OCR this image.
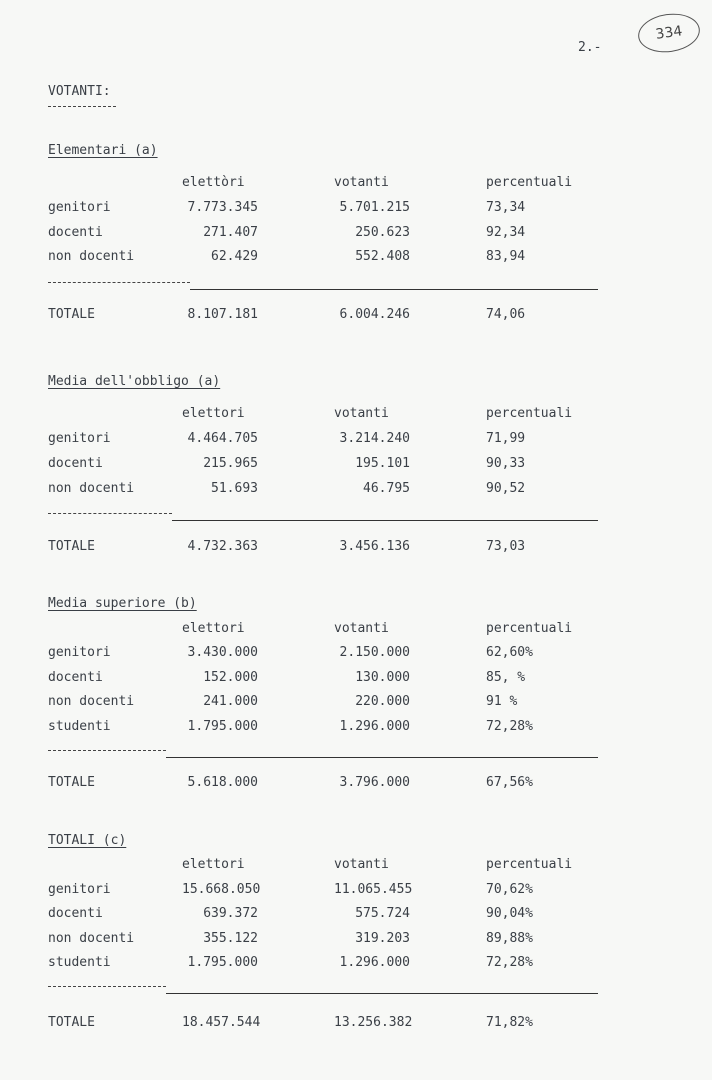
334
2.-
VOTANTI:
Elementari (a)
elettòri	votanti	percentuali
genitori	7.773.345	5.701.215	73,34
docenti	271.407	250.623	92,34
non docenti	62.429	552.408	83,94
TOTALE	8.107.181	6.004.246	74,06
Media dell'obbligo (a)
elettori	votanti	percentuali
genitori	4.464.705	3.214.240	71,99
docenti	215.965	195.101	90,33
non docenti	51.693	46.795	90,52
TOTALE	4.732.363	3.456.136	73,03
Media superiore (b)
elettori	votanti	percentuali
genitori	3.430.000	2.150.000	62,60%
docenti	152.000	130.000	85, %
non docenti	241.000	220.000	91 %
studenti	1.795.000	1.296.000	72,28%
TOTALE	5.618.000	3.796.000	67,56%
TOTALI (c)
elettori	votanti	percentuali
genitori	15.668.050	11.065.455	70,62%
docenti	639.372	575.724	90,04%
non docenti	355.122	319.203	89,88%
studenti	1.795.000	1.296.000	72,28%
TOTALE	18.457.544	13.256.382	71,82%
